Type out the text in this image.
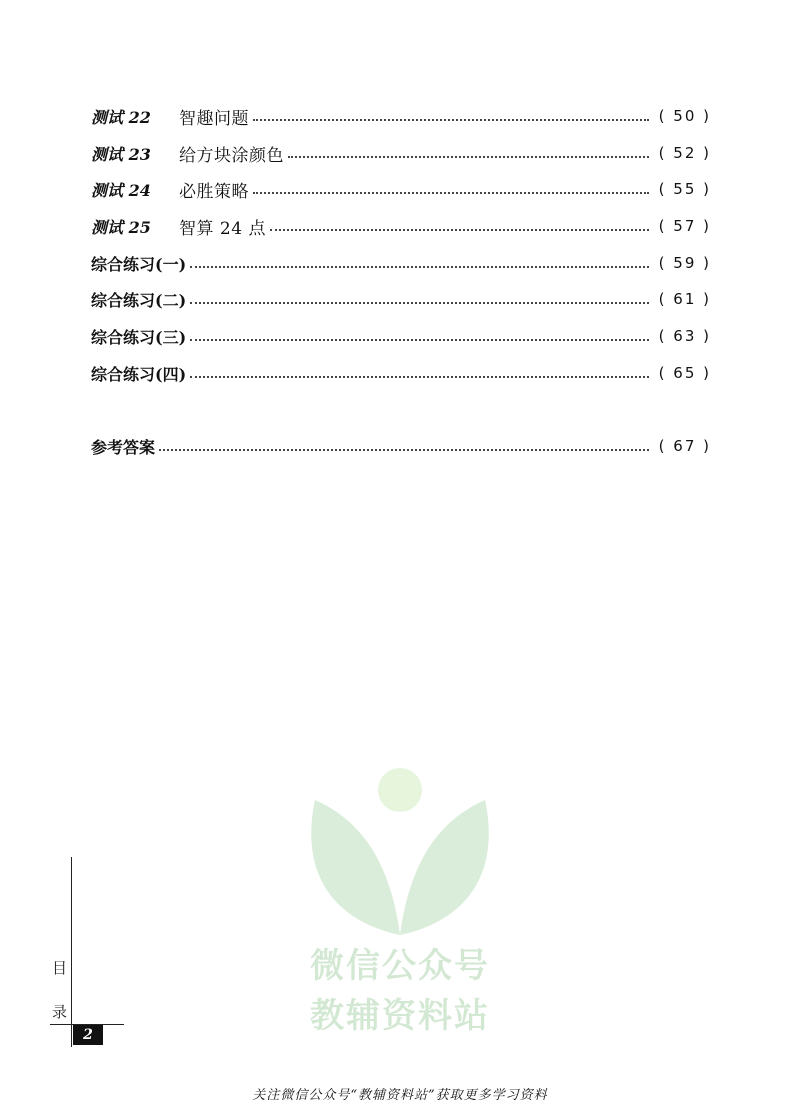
测试 22	智趣问题	( 50 )
测试 23	给方块涂颜色	( 52 )
测试 24	必胜策略	( 55 )
测试 25	智算 24 点	( 57 )
综合练习(一)	( 59 )
综合练习(二)	( 61 )
综合练习(三)	( 63 )
综合练习(四)	( 65 )
参考答案	( 67 )
微信公众号
教辅资料站
目
录
2
关注微信公众号“教辅资料站”获取更多学习资料
